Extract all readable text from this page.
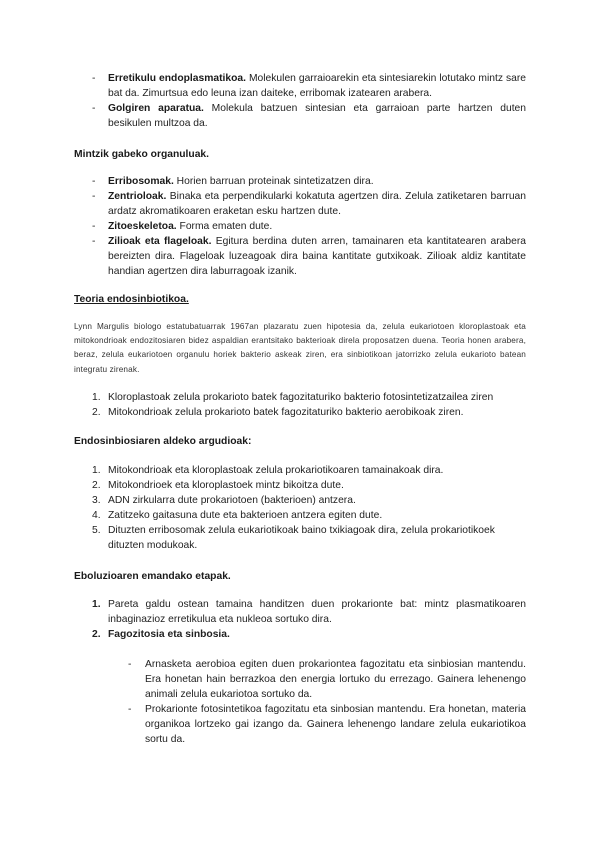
- Erretikulu endoplasmatikoa. Molekulen garraioarekin eta sintesiarekin lotutako mintz sare bat da. Zimurtsua edo leuna izan daiteke, erribomak izatearen arabera.
- Golgiren aparatua. Molekula batzuen sintesian eta garraioan parte hartzen duten besikulen multzoa da.
Mintzik gabeko organuluak.
- Erribosomak. Horien barruan proteinak sintetizatzen dira.
- Zentrioloak. Binaka eta perpendikularki kokatuta agertzen dira. Zelula zatiketaren barruan ardatz akromatikoaren eraketan esku hartzen dute.
- Zitoeskeletoa. Forma ematen dute.
- Zilioak eta flageloak. Egitura berdina duten arren, tamainaren eta kantitatearen arabera bereizten dira. Flageloak luzeagoak dira baina kantitate gutxikoak. Zilioak aldiz kantitate handian agertzen dira laburragoak izanik.
Teoria endosinbiotikoa.
Lynn Margulis biologo estatubatuarrak 1967an plazaratu zuen hipotesia da, zelula eukariotoen kloroplastoak eta mitokondrioak endozitosiaren bidez aspaldian erantsitako bakterioak direla proposatzen duena. Teoria honen arabera, beraz, zelula eukariotoen organulu horiek bakterio askeak ziren, era sinbiotikoan jatorrizko zelula eukarioto batean integratu zirenak.
1. Kloroplastoak zelula prokarioto batek fagozitaturiko bakterio fotosintetizatzailea ziren
2. Mitokondrioak zelula prokarioto batek fagozitaturiko bakterio aerobikoak ziren.
Endosinbiosiaren aldeko argudioak:
1. Mitokondrioak eta kloroplastoak zelula prokariotikoaren tamainakoak dira.
2. Mitokondrioek eta kloroplastoek mintz bikoitza dute.
3. ADN zirkularra dute prokariotoen (bakterioen) antzera.
4. Zatitzeko gaitasuna dute eta bakterioen antzera egiten dute.
5. Dituzten erribosomak zelula eukariotikoak baino txikiagoak dira, zelula prokariotikoek dituzten modukoak.
Eboluzioaren emandako etapak.
1. Pareta galdu ostean tamaina handitzen duen prokarionte bat: mintz plasmatikoaren inbaginazioz erretikulua eta nukleoa sortuko dira.
2. Fagozitosia eta sinbosia.
- Arnasketa aerobioa egiten duen prokariontea fagozitatu eta sinbiosian mantendu. Era honetan hain berrazkoa den energia lortuko du errezago. Gainera lehenengo animali zelula eukariotoa sortuko da.
- Prokarionte fotosintetikoa fagozitatu eta sinbosian mantendu. Era honetan, materia organikoa lortzeko gai izango da. Gainera lehenengo landare zelula eukariotikoa sortu da.
